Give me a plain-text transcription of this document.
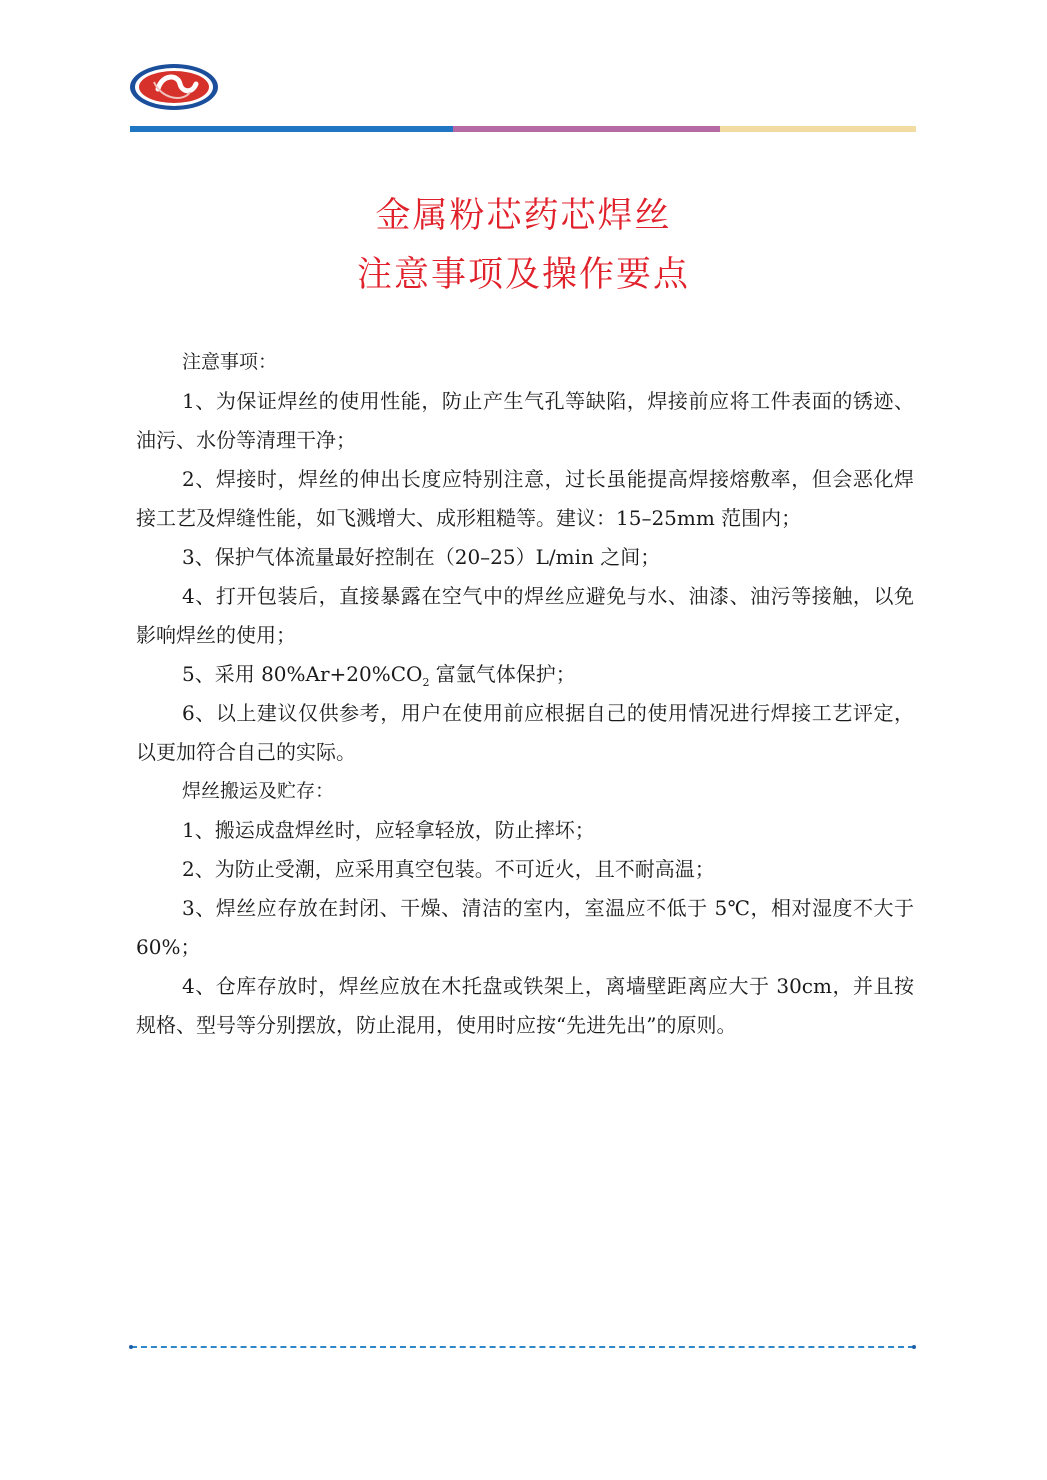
金属粉芯药芯焊丝
注意事项及操作要点

注意事项：

1、为保证焊丝的使用性能，防止产生气孔等缺陷，焊接前应将工件表面的锈迹、油污、水份等清理干净；

2、焊接时，焊丝的伸出长度应特别注意，过长虽能提高焊接熔敷率，但会恶化焊接工艺及焊缝性能，如飞溅增大、成形粗糙等。建议：15–25mm 范围内；

3、保护气体流量最好控制在（20–25）L/min 之间；

4、打开包装后，直接暴露在空气中的焊丝应避免与水、油漆、油污等接触，以免影响焊丝的使用；

5、采用 $80\%Ar+20\%CO_2$ 富氩气体保护；

6、以上建议仅供参考，用户在使用前应根据自己的使用情况进行焊接工艺评定，以更加符合自己的实际。

焊丝搬运及贮存：

1、搬运成盘焊丝时，应轻拿轻放，防止摔坏；

2、为防止受潮，应采用真空包装。不可近火，且不耐高温；

3、焊丝应存放在封闭、干燥、清洁的室内，室温应不低于 5℃，相对湿度不大于 60%；

4、仓库存放时，焊丝应放在木托盘或铁架上，离墙壁距离应大于 30cm，并且按规格、型号等分别摆放，防止混用，使用时应按“先进先出”的原则。
